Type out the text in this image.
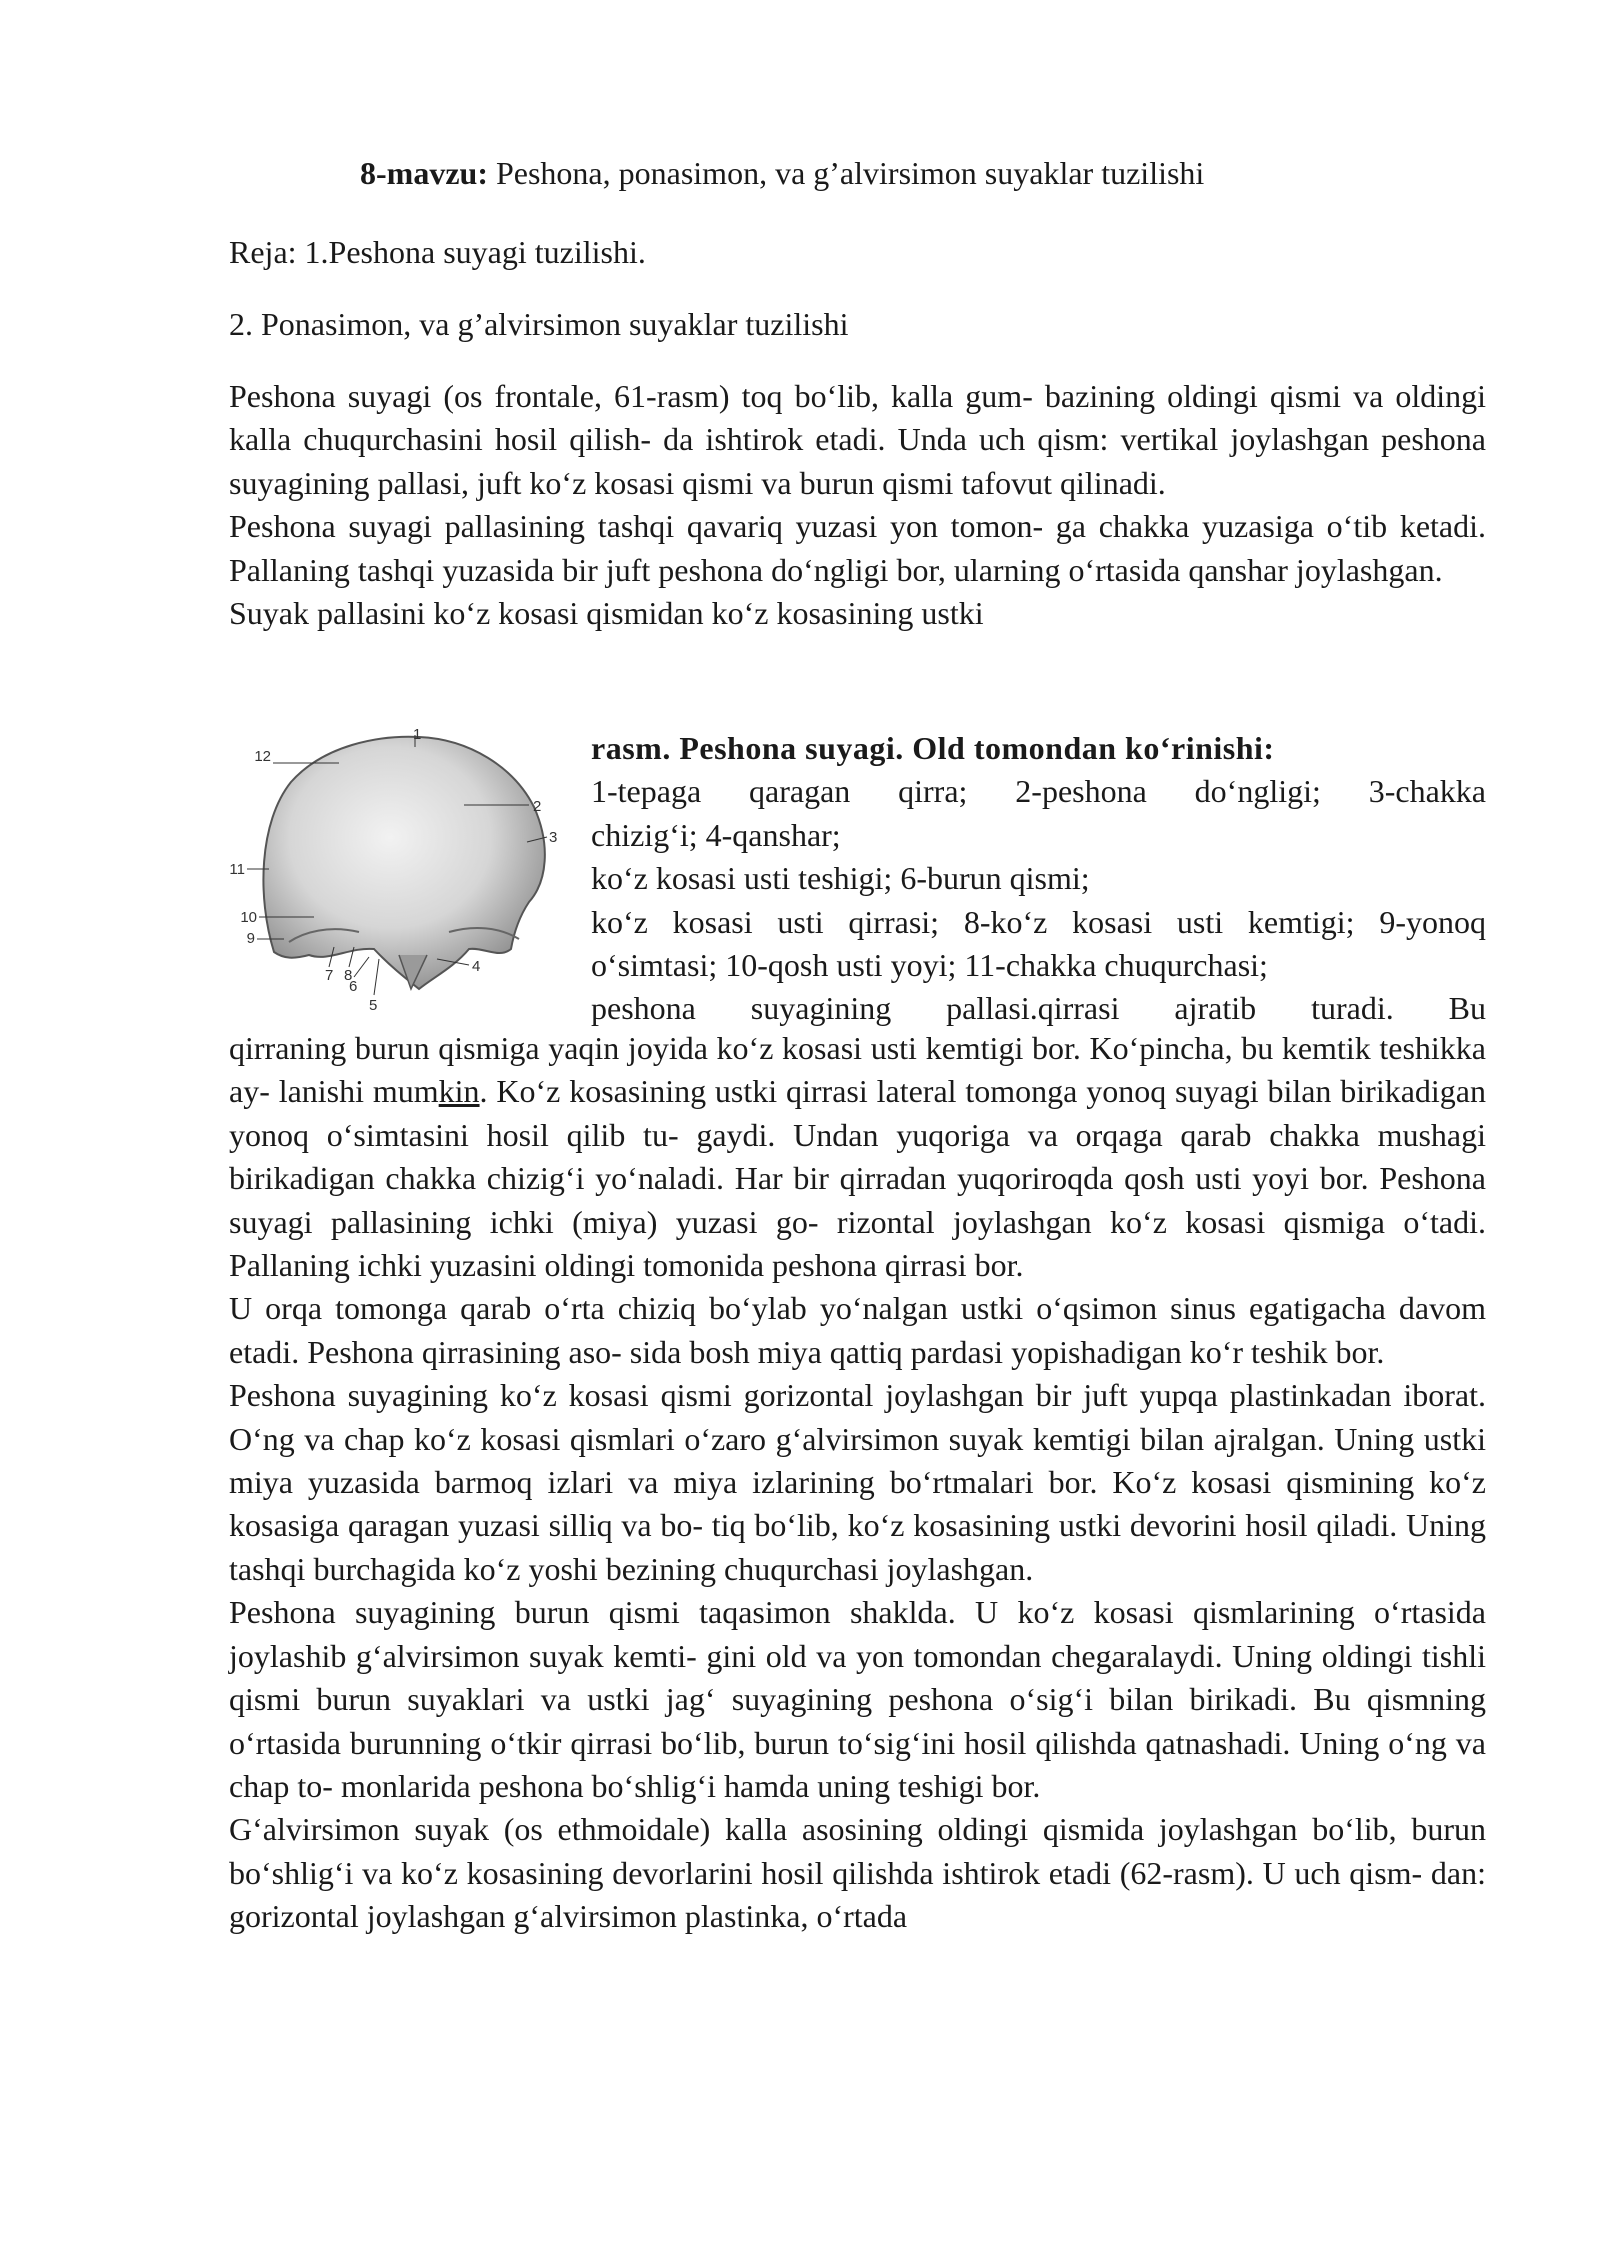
8-mavzu: Peshona, ponasimon, va g’alvirsimon suyaklar tuzilishi
Reja: 1.Peshona suyagi tuzilishi.
2. Ponasimon, va g’alvirsimon suyaklar tuzilishi

Peshona suyagi (os frontale, 61-rasm) toq bo‘lib, kalla gum- bazining oldingi qismi va oldingi kalla chuqurchasini hosil qilish- da ishtirok etadi. Unda uch qism: vertikal joylashgan peshona suyagining pallasi, juft ko‘z kosasi qismi va burun qismi tafovut qilinadi.

Peshona suyagi pallasining tashqi qavariq yuzasi yon tomon- ga chakka yuzasiga o‘tib ketadi. Pallaning tashqi yuzasida bir juft peshona do‘ngligi bor, ularning o‘rtasida qanshar joylashgan.

Suyak pallasini ko‘z kosasi qismidan ko‘z kosasining ustki

12
1
2
3
11
10
9
8
7
6
5
4
rasm. Peshona suyagi. Old tomondan ko‘rinishi:
1-tepaga qaragan qirra; 2-peshona do‘ngligi; 3-chakka
chizig‘i; 4-qanshar;
ko‘z kosasi usti teshigi; 6-burun qismi;
ko‘z kosasi usti qirrasi; 8-ko‘z kosasi usti kemtigi; 9-yonoq
o‘simtasi; 10-qosh usti yoyi; 11-chakka chuqurchasi;
peshona suyagining pallasi.qirrasi ajratib turadi. Bu

qirraning burun qismiga yaqin joyida ko‘z kosasi usti kemtigi bor. Ko‘pincha, bu kemtik teshikka ay- lanishi mumkin. Ko‘z kosasining ustki qirrasi lateral tomonga yonoq suyagi bilan birikadigan yonoq o‘simtasini hosil qilib tu- gaydi. Undan yuqoriga va orqaga qarab chakka mushagi birikadigan chakka chizig‘i yo‘naladi. Har bir qirradan yuqoriroqda qosh usti yoyi bor. Peshona suyagi pallasining ichki (miya) yuzasi go- rizontal joylashgan ko‘z kosasi qismiga o‘tadi. Pallaning ichki yuzasini oldingi tomonida peshona qirrasi bor.

U orqa tomonga qarab o‘rta chiziq bo‘ylab yo‘nalgan ustki o‘qsimon sinus egatigacha davom etadi. Peshona qirrasining aso- sida bosh miya qattiq pardasi yopishadigan ko‘r teshik bor.

Peshona suyagining ko‘z kosasi qismi gorizontal joylashgan bir juft yupqa plastinkadan iborat. O‘ng va chap ko‘z kosasi qismlari o‘zaro g‘alvirsimon suyak kemtigi bilan ajralgan. Uning ustki miya yuzasida barmoq izlari va miya izlarining bo‘rtmalari bor. Ko‘z kosasi qismining ko‘z kosasiga qaragan yuzasi silliq va bo- tiq bo‘lib, ko‘z kosasining ustki devorini hosil qiladi. Uning tashqi burchagida ko‘z yoshi bezining chuqurchasi joylashgan.

Peshona suyagining burun qismi taqasimon shakldа. U ko‘z kosasi qismlarining o‘rtasida joylashib g‘alvirsimon suyak kemti- gini old va yon tomondan chegaralaydi. Uning oldingi tishli qismi burun suyaklari va ustki jag‘ suyagining peshona o‘sig‘i bilan birikadi. Bu qismning o‘rtasida burunning o‘tkir qirrasi bo‘lib, burun to‘sig‘ini hosil qilishda qatnashadi. Uning o‘ng va chap to- monlarida peshona bo‘shlig‘i hamda uning teshigi bor.

G‘alvirsimon suyak (os ethmoidale) kalla asosining oldingi qismida joylashgan bo‘lib, burun bo‘shlig‘i va ko‘z kosasining devorlarini hosil qilishda ishtirok etadi (62-rasm). U uch qism- dan: gorizontal joylashgan g‘alvirsimon plastinka, o‘rtada
